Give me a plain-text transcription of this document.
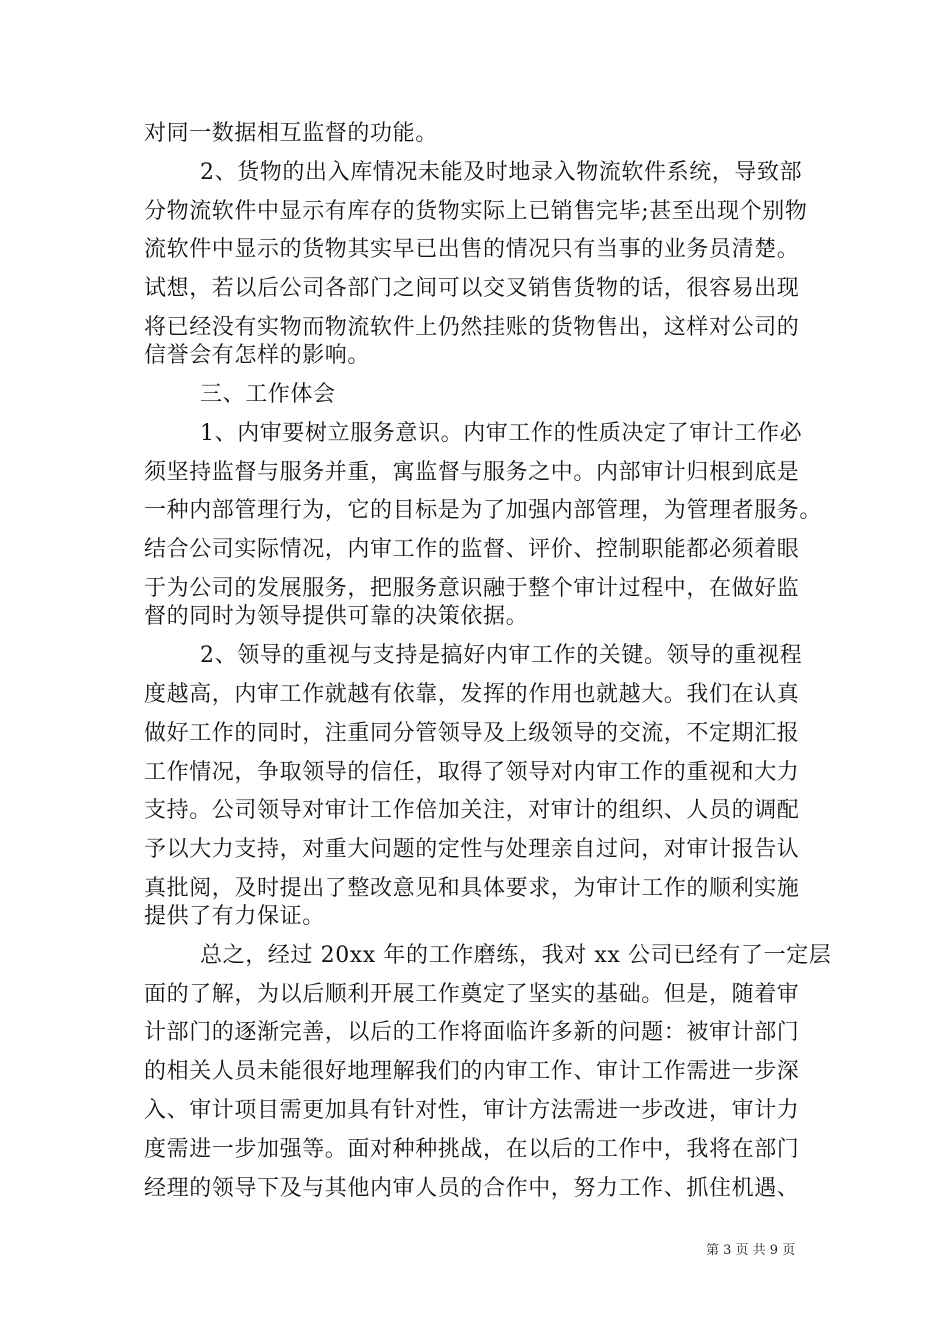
对同一数据相互监督的功能。
2、货物的出入库情况未能及时地录入物流软件系统，导致部
分物流软件中显示有库存的货物实际上已销售完毕;甚至出现个别物
流软件中显示的货物其实早已出售的情况只有当事的业务员清楚。
试想，若以后公司各部门之间可以交叉销售货物的话，很容易出现
将已经没有实物而物流软件上仍然挂账的货物售出，这样对公司的
信誉会有怎样的影响。
三、工作体会
1、内审要树立服务意识。内审工作的性质决定了审计工作必
须坚持监督与服务并重，寓监督与服务之中。内部审计归根到底是
一种内部管理行为，它的目标是为了加强内部管理，为管理者服务。
结合公司实际情况，内审工作的监督、评价、控制职能都必须着眼
于为公司的发展服务，把服务意识融于整个审计过程中，在做好监
督的同时为领导提供可靠的决策依据。
2、领导的重视与支持是搞好内审工作的关键。领导的重视程
度越高，内审工作就越有依靠，发挥的作用也就越大。我们在认真
做好工作的同时，注重同分管领导及上级领导的交流，不定期汇报
工作情况，争取领导的信任，取得了领导对内审工作的重视和大力
支持。公司领导对审计工作倍加关注，对审计的组织、人员的调配
予以大力支持，对重大问题的定性与处理亲自过问，对审计报告认
真批阅，及时提出了整改意见和具体要求，为审计工作的顺利实施
提供了有力保证。
总之，经过 20xx 年的工作磨练，我对 xx 公司已经有了一定层
面的了解，为以后顺利开展工作奠定了坚实的基础。但是，随着审
计部门的逐渐完善，以后的工作将面临许多新的问题：被审计部门
的相关人员未能很好地理解我们的内审工作、审计工作需进一步深
入、审计项目需更加具有针对性，审计方法需进一步改进，审计力
度需进一步加强等。面对种种挑战，在以后的工作中，我将在部门
经理的领导下及与其他内审人员的合作中，努力工作、抓住机遇、
第 3 页 共 9 页
